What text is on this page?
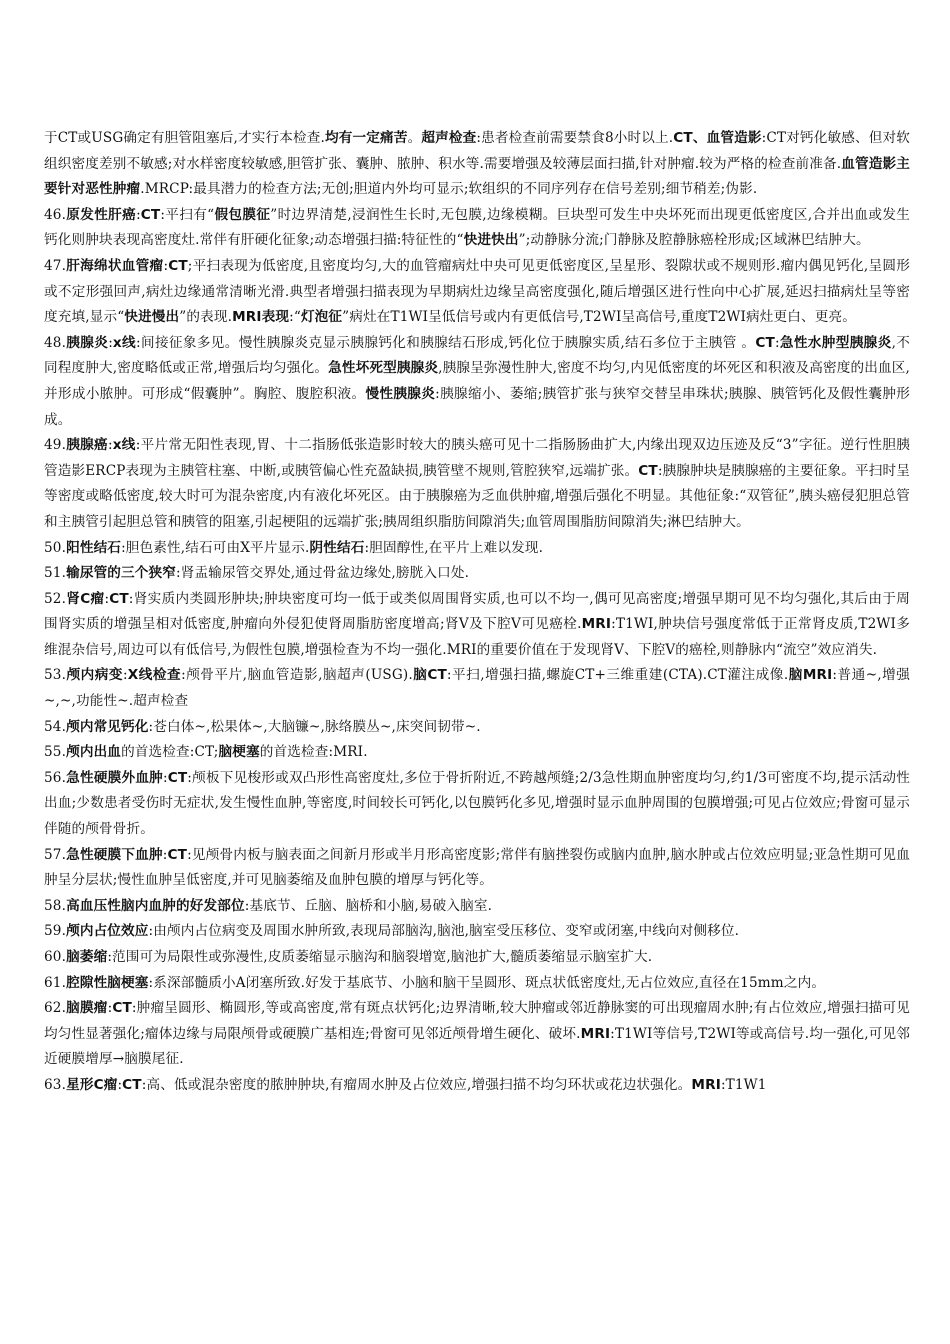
于CT或USG确定有胆管阻塞后,才实行本检查.均有一定痛苦。超声检查:患者检查前需要禁食8小时以上.CT、血管造影:CT对钙化敏感、但对软组织密度差别不敏感;对水样密度较敏感,胆管扩张、囊肿、脓肿、积水等.需要增强及较薄层面扫描,针对肿瘤.较为严格的检查前准备.血管造影主要针对恶性肿瘤.MRCP:最具潜力的检查方法;无创;胆道内外均可显示;软组织的不同序列存在信号差别;细节稍差;伪影.

46.原发性肝癌:CT:平扫有“假包膜征”时边界清楚,浸润性生长时,无包膜,边缘模糊。巨块型可发生中央坏死而出现更低密度区,合并出血或发生钙化则肿块表现高密度灶.常伴有肝硬化征象;动态增强扫描:特征性的“快进快出”;动静脉分流;门静脉及腔静脉癌栓形成;区域淋巴结肿大。

47.肝海绵状血管瘤:CT;平扫表现为低密度,且密度均匀,大的血管瘤病灶中央可见更低密度区,呈星形、裂隙状或不规则形.瘤内偶见钙化,呈圆形或不定形强回声,病灶边缘通常清晰光滑.典型者增强扫描表现为早期病灶边缘呈高密度强化,随后增强区进行性向中心扩展,延迟扫描病灶呈等密度充填,显示“快进慢出”的表现.MRI表现:“灯泡征”病灶在T1WI呈低信号或内有更低信号,T2WI呈高信号,重度T2WI病灶更白、更亮。

48.胰腺炎:x线:间接征象多见。慢性胰腺炎克显示胰腺钙化和胰腺结石形成,钙化位于胰腺实质,结石多位于主胰管 。CT:急性水肿型胰腺炎,不同程度肿大,密度略低或正常,增强后均匀强化。急性坏死型胰腺炎,胰腺呈弥漫性肿大,密度不均匀,内见低密度的坏死区和积液及高密度的出血区,并形成小脓肿。可形成“假囊肿”。胸腔、腹腔积液。慢性胰腺炎:胰腺缩小、萎缩;胰管扩张与狭窄交替呈串珠状;胰腺、胰管钙化及假性囊肿形成。

49.胰腺癌:x线:平片常无阳性表现,胃、十二指肠低张造影时较大的胰头癌可见十二指肠肠曲扩大,内缘出现双边压迹及反“3”字征。逆行性胆胰管造影ERCP表现为主胰管柱塞、中断,或胰管偏心性充盈缺损,胰管壁不规则,管腔狭窄,远端扩张。CT:胰腺肿块是胰腺癌的主要征象。平扫时呈等密度或略低密度,较大时可为混杂密度,内有液化坏死区。由于胰腺癌为乏血供肿瘤,增强后强化不明显。其他征象:“双管征”,胰头癌侵犯胆总管和主胰管引起胆总管和胰管的阻塞,引起梗阻的远端扩张;胰周组织脂肪间隙消失;血管周围脂肪间隙消失;淋巴结肿大。

50.阳性结石:胆色素性,结石可由X平片显示.阴性结石:胆固醇性,在平片上难以发现.

51.输尿管的三个狭窄:肾盂输尿管交界处,通过骨盆边缘处,膀胱入口处.

52.肾C瘤:CT:肾实质内类圆形肿块;肿块密度可均一低于或类似周围肾实质,也可以不均一,偶可见高密度;增强早期可见不均匀强化,其后由于周围肾实质的增强呈相对低密度,肿瘤向外侵犯使肾周脂肪密度增高;肾V及下腔V可见癌栓.MRI:T1WI,肿块信号强度常低于正常肾皮质,T2WI多维混杂信号,周边可以有低信号,为假性包膜,增强检查为不均一强化.MRI的重要价值在于发现肾V、下腔V的癌栓,则静脉内“流空”效应消失.

53.颅内病变:X线检查:颅骨平片,脑血管造影,脑超声(USG).脑CT:平扫,增强扫描,螺旋CT+三维重建(CTA).CT灌注成像.脑MRI:普通~,增强~,~,功能性~.超声检查

54.颅内常见钙化:苍白体~,松果体~,大脑镰~,脉络膜丛~,床突间韧带~.

55.颅内出血的首选检查:CT;脑梗塞的首选检查:MRI.

56.急性硬膜外血肿:CT:颅板下见梭形或双凸形性高密度灶,多位于骨折附近,不跨越颅缝;2/3急性期血肿密度均匀,约1/3可密度不均,提示活动性出血;少数患者受伤时无症状,发生慢性血肿,等密度,时间较长可钙化,以包膜钙化多见,增强时显示血肿周围的包膜增强;可见占位效应;骨窗可显示伴随的颅骨骨折。

57.急性硬膜下血肿:CT:见颅骨内板与脑表面之间新月形或半月形高密度影;常伴有脑挫裂伤或脑内血肿,脑水肿或占位效应明显;亚急性期可见血肿呈分层状;慢性血肿呈低密度,并可见脑萎缩及血肿包膜的增厚与钙化等。

58.高血压性脑内血肿的好发部位:基底节、丘脑、脑桥和小脑,易破入脑室.

59.颅内占位效应:由颅内占位病变及周围水肿所致,表现局部脑沟,脑池,脑室受压移位、变窄或闭塞,中线向对侧移位.

60.脑萎缩:范围可为局限性或弥漫性,皮质萎缩显示脑沟和脑裂增宽,脑池扩大,髓质萎缩显示脑室扩大.

61.腔隙性脑梗塞:系深部髓质小A闭塞所致.好发于基底节、小脑和脑干呈圆形、斑点状低密度灶,无占位效应,直径在15mm之内。

62.脑膜瘤:CT:肿瘤呈圆形、椭圆形,等或高密度,常有斑点状钙化;边界清晰,较大肿瘤或邻近静脉窦的可出现瘤周水肿;有占位效应,增强扫描可见均匀性显著强化;瘤体边缘与局限颅骨或硬膜广基相连;骨窗可见邻近颅骨增生硬化、破坏.MRI:T1WI等信号,T2WI等或高信号.均一强化,可见邻近硬膜增厚→脑膜尾征.

63.星形C瘤:CT:高、低或混杂密度的脓肿肿块,有瘤周水肿及占位效应,增强扫描不均匀环状或花边状强化。MRI:T1W1
